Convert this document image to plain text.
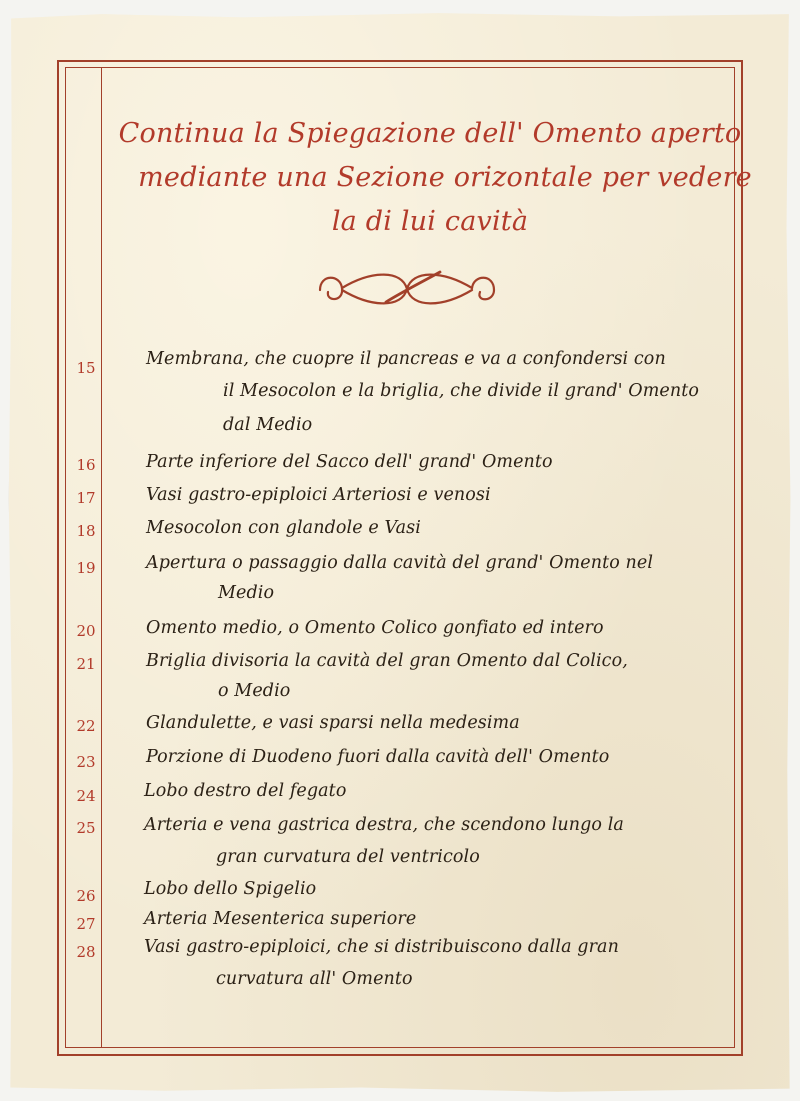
Continua la Spiegazione dell' Omento aperto
mediante una Sezione orizontale per vedere
la di lui cavità
15	Membrana, che cuopre il pancreas e va a confondersi con
il Mesocolon e la briglia, che divide il grand' Omento
dal Medio
16	Parte inferiore del Sacco dell' grand' Omento
17	Vasi gastro-epiploici Arteriosi e venosi
18	Mesocolon con glandole e Vasi
19	Apertura o passaggio dalla cavità del grand' Omento nel
Medio
20	Omento medio, o Omento Colico gonfiato ed intero
21	Briglia divisoria la cavità del gran Omento dal Colico,
o Medio
22	Glandulette, e vasi sparsi nella medesima
23	Porzione di Duodeno fuori dalla cavità dell' Omento
24	Lobo destro del fegato
25	Arteria e vena gastrica destra, che scendono lungo la
gran curvatura del ventricolo
26	Lobo dello Spigelio
27	Arteria Mesenterica superiore
28	Vasi gastro-epiploici, che si distribuiscono dalla gran
curvatura all' Omento
